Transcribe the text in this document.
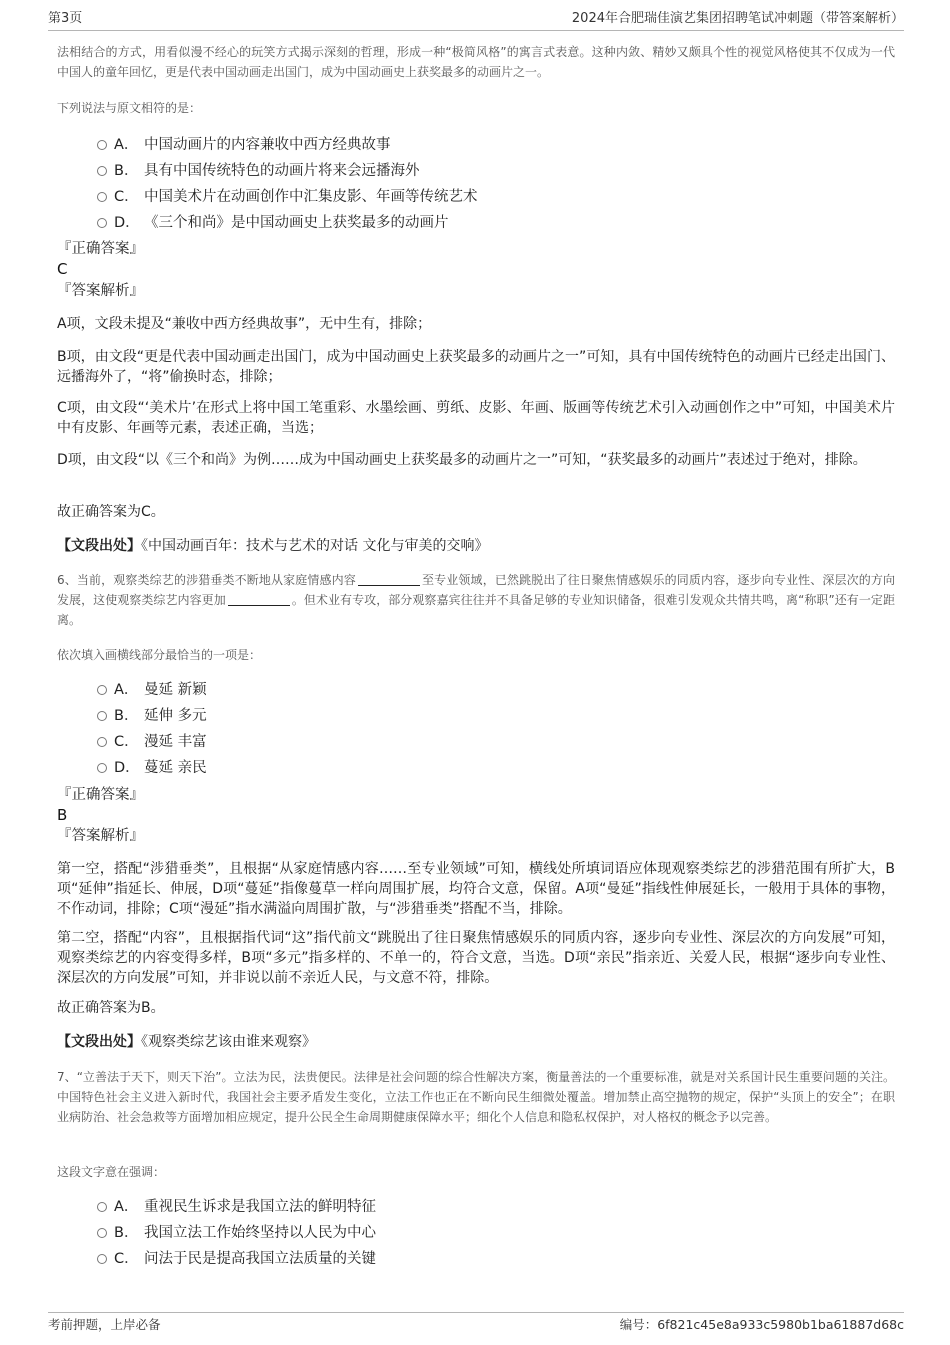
第3页	2024年合肥瑞佳演艺集团招聘笔试冲刺题（带答案解析）

法相结合的方式，用看似漫不经心的玩笑方式揭示深刻的哲理，形成一种“极简风格”的寓言式表意。这种内敛、精妙又颇具个性的视觉风格使其不仅成为一代中国人的童年回忆，更是代表中国动画走出国门，成为中国动画史上获奖最多的动画片之一。

下列说法与原文相符的是：

A． 中国动画片的内容兼收中西方经典故事
B． 具有中国传统特色的动画片将来会远播海外
C． 中国美术片在动画创作中汇集皮影、年画等传统艺术
D． 《三个和尚》是中国动画史上获奖最多的动画片

『正确答案』

C

『答案解析』

A项，文段未提及“兼收中西方经典故事”，无中生有，排除；

B项，由文段“更是代表中国动画走出国门，成为中国动画史上获奖最多的动画片之一”可知，具有中国传统特色的动画片已经走出国门、远播海外了，“将”偷换时态，排除；

C项，由文段“‘美术片’在形式上将中国工笔重彩、水墨绘画、剪纸、皮影、年画、版画等传统艺术引入动画创作之中”可知，中国美术片中有皮影、年画等元素，表述正确，当选；

D项，由文段“以《三个和尚》为例……成为中国动画史上获奖最多的动画片之一”可知，“获奖最多的动画片”表述过于绝对，排除。

故正确答案为C。

【文段出处】《中国动画百年：技术与艺术的对话 文化与审美的交响》

6、当前，观察类综艺的涉猎垂类不断地从家庭情感内容	至专业领域，已然跳脱出了往日聚焦情感娱乐的同质内容，逐步向专业性、深层次的方向发展，这使观察类综艺内容更加	。但术业有专攻，部分观察嘉宾往往并不具备足够的专业知识储备，很难引发观众共情共鸣，离“称职”还有一定距离。

依次填入画横线部分最恰当的一项是：

A． 曼延 新颖
B． 延伸 多元
C． 漫延 丰富
D． 蔓延 亲民

『正确答案』

B

『答案解析』

第一空，搭配“涉猎垂类”，且根据“从家庭情感内容……至专业领域”可知，横线处所填词语应体现观察类综艺的涉猎范围有所扩大，B项“延伸”指延长、伸展，D项“蔓延”指像蔓草一样向周围扩展，均符合文意，保留。A项“曼延”指线性伸展延长，一般用于具体的事物，不作动词，排除；C项“漫延”指水满溢向周围扩散，与“涉猎垂类”搭配不当，排除。

第二空，搭配“内容”，且根据指代词“这”指代前文“跳脱出了往日聚焦情感娱乐的同质内容，逐步向专业性、深层次的方向发展”可知，观察类综艺的内容变得多样，B项“多元”指多样的、不单一的，符合文意，当选。D项“亲民”指亲近、关爱人民，根据“逐步向专业性、深层次的方向发展”可知，并非说以前不亲近人民，与文意不符，排除。

故正确答案为B。

【文段出处】《观察类综艺该由谁来观察》

7、“立善法于天下，则天下治”。立法为民，法贵便民。法律是社会问题的综合性解决方案，衡量善法的一个重要标准，就是对关系国计民生重要问题的关注。中国特色社会主义进入新时代，我国社会主要矛盾发生变化，立法工作也正在不断向民生细微处覆盖。增加禁止高空抛物的规定，保护“头顶上的安全”；在职业病防治、社会急救等方面增加相应规定，提升公民全生命周期健康保障水平；细化个人信息和隐私权保护，对人格权的概念予以完善。

这段文字意在强调：

A． 重视民生诉求是我国立法的鲜明特征
B． 我国立法工作始终坚持以人民为中心
C． 问法于民是提高我国立法质量的关键
考前押题，上岸必备	编号：6f821c45e8a933c5980b1ba61887d68c
